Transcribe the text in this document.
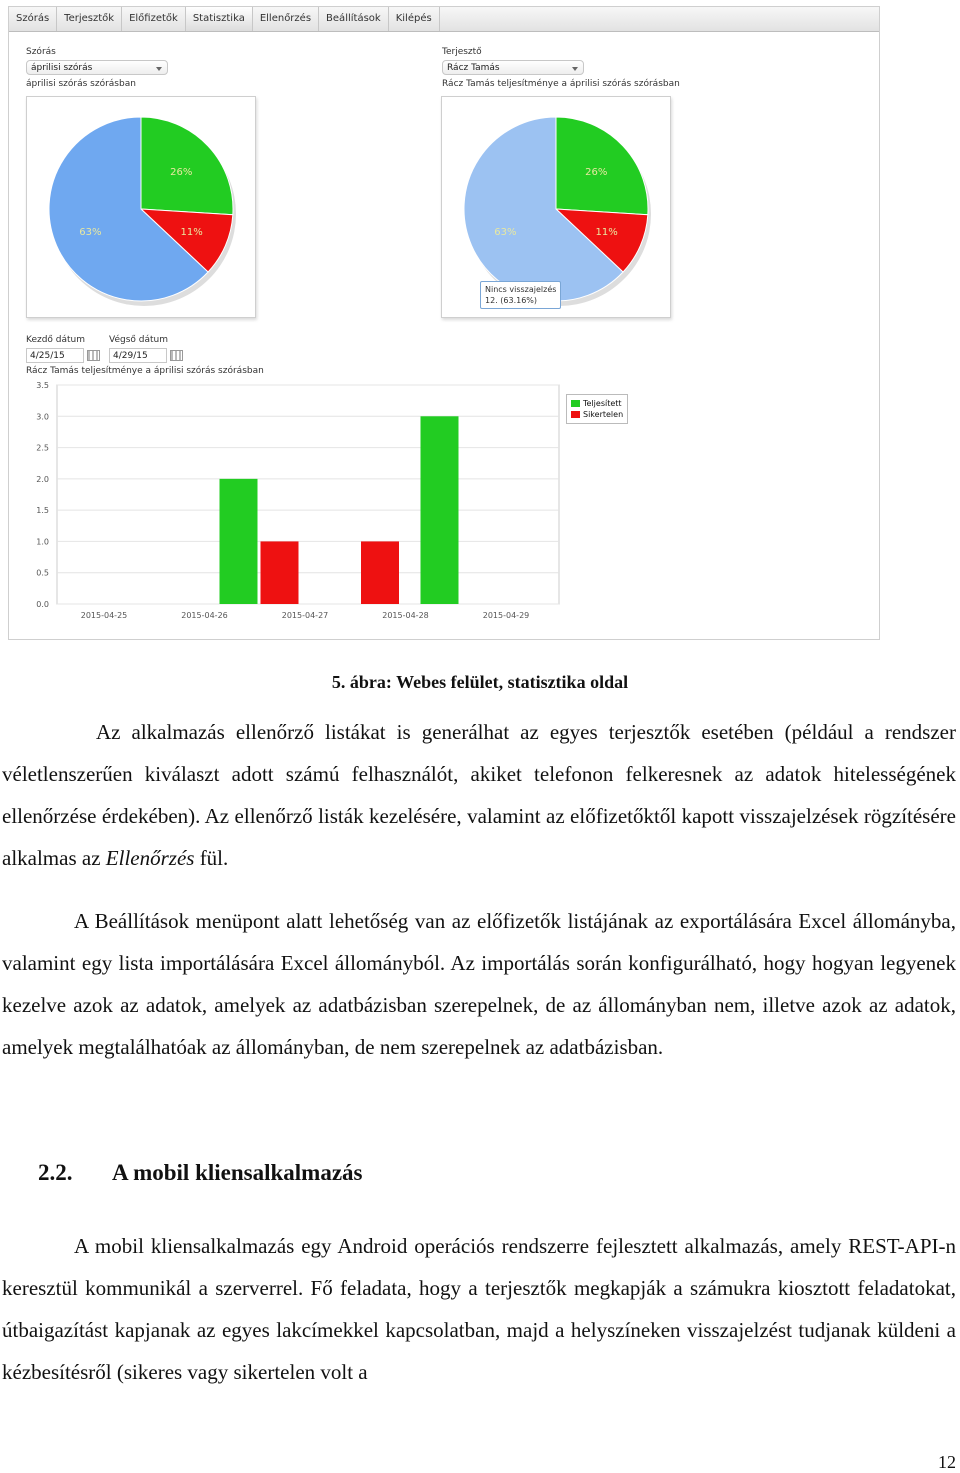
Szórás	Terjesztők	Előfizetők	Statisztika	Ellenőrzés	Beállítások	Kilépés
Szórás
áprilisi szórás
áprilisi szórás szórásban
Terjesztő
Rácz Tamás
Rácz Tamás teljesítménye a áprilisi szórás szórásban
26%
11%
63%
26%
11%
63%
Nincs visszajelzés
12. (63.16%)
Kezdő dátum
4/25/15
Végső dátum
4/29/15
Rácz Tamás teljesítménye a áprilisi szórás szórásban
0.0
0.5
1.0
1.5
2.0
2.5
3.0
3.5
2015-04-25	2015-04-26	2015-04-27	2015-04-28	2015-04-29
Teljesített
Sikertelen
5. ábra: Webes felület, statisztika oldal

Az alkalmazás ellenőrző listákat is generálhat az egyes terjesztők esetében (például a rendszer véletlenszerűen kiválaszt adott számú felhasználót, akiket telefonon felkeresnek az adatok hitelességének ellenőrzése érdekében). Az ellenőrző listák kezelésére, valamint az előfizetőktől kapott visszajelzések rögzítésére alkalmas az Ellenőrzés fül.

A Beállítások menüpont alatt lehetőség van az előfizetők listájának az exportálására Excel állományba, valamint egy lista importálására Excel állományból. Az importálás során konfigurálható, hogy hogyan legyenek kezelve azok az adatok, amelyek az adatbázisban szerepelnek, de az állományban nem, illetve azok az adatok, amelyek megtalálhatóak az állományban, de nem szerepelnek az adatbázisban.

2.2. A mobil kliensalkalmazás

A mobil kliensalkalmazás egy Android operációs rendszerre fejlesztett alkalmazás, amely REST-API-n keresztül kommunikál a szerverrel. Fő feladata, hogy a terjesztők megkapják a számukra kiosztott feladatokat, útbaigazítást kapjanak az egyes lakcímekkel kapcsolatban, majd a helyszíneken visszajelzést tudjanak küldeni a kézbesítésről (sikeres vagy sikertelen volt a

12
